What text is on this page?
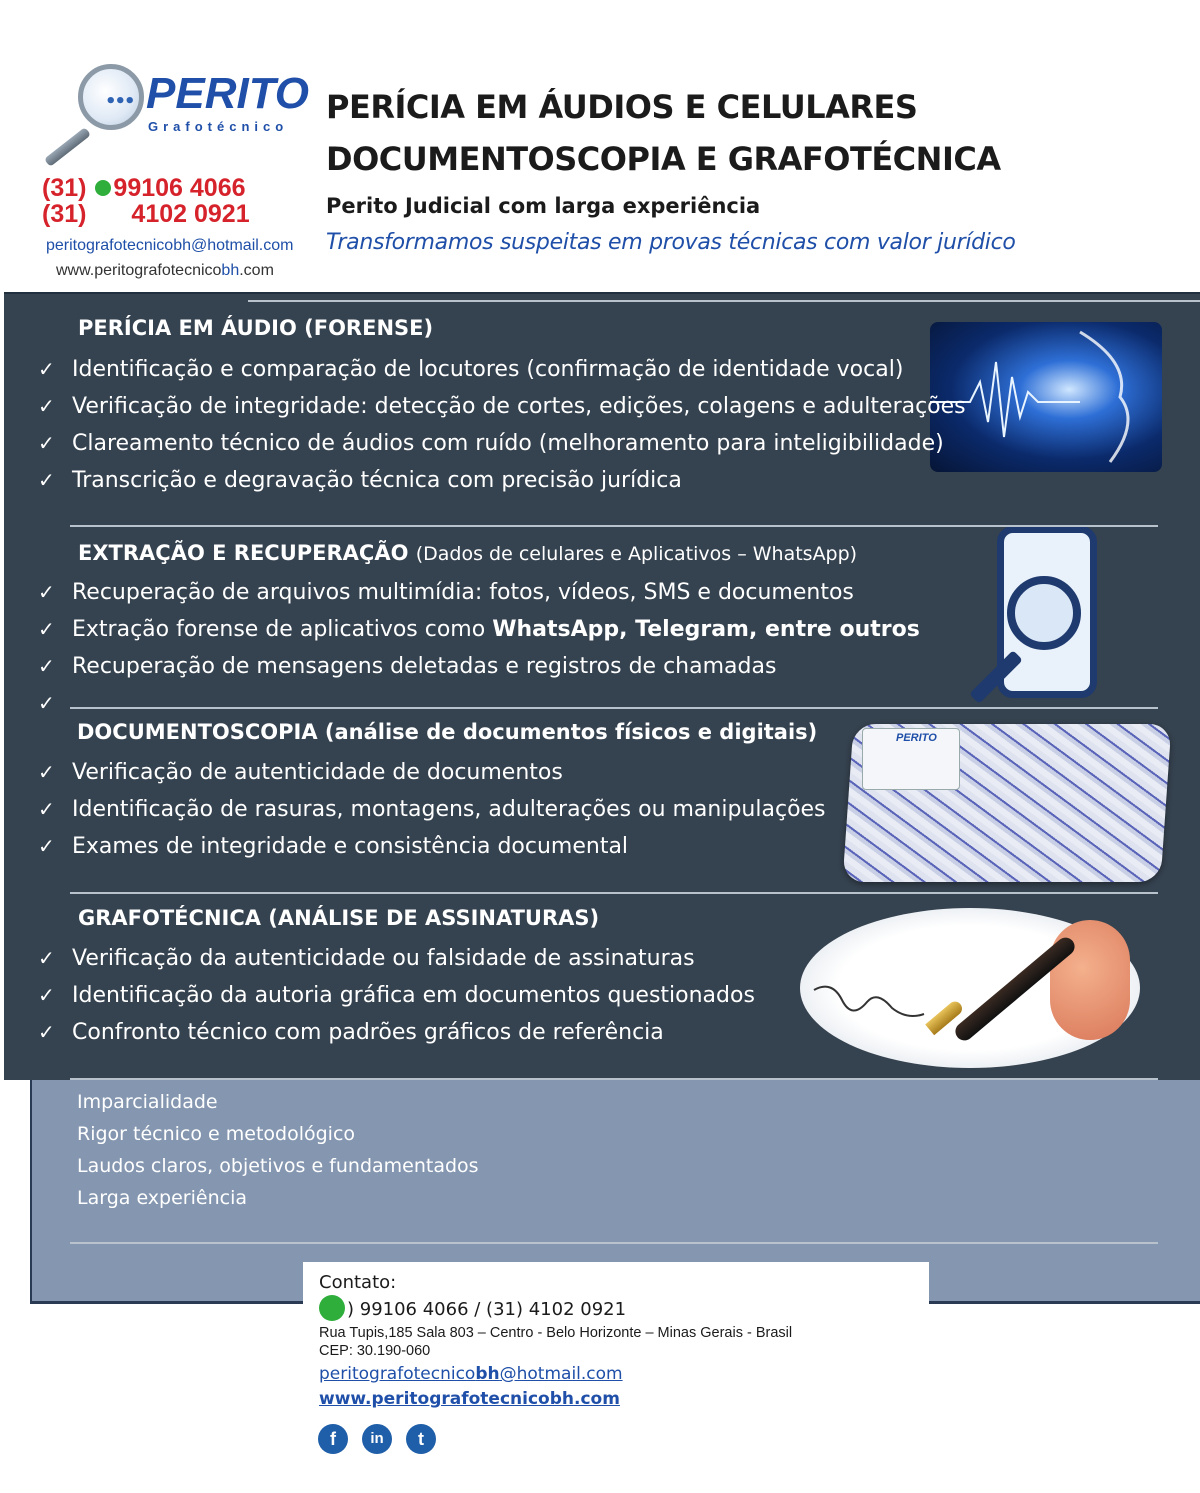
••• PERITO
Grafotécnico
(31) 99106 4066
(31) 4102 0921
peritografotecnicobh@hotmail.com
www.peritografotecnicobh.com
PERÍCIA EM ÁUDIOS E CELULARES
DOCUMENTOSCOPIA E GRAFOTÉCNICA
Perito Judicial com larga experiência
Transformamos suspeitas em provas técnicas com valor jurídico
PERITO
PERÍCIA EM ÁUDIO (FORENSE)
✓ Identificação e comparação de locutores (confirmação de identidade vocal)
✓ Verificação de integridade: detecção de cortes, edições, colagens e adulterações
✓ Clareamento técnico de áudios com ruído (melhoramento para inteligibilidade)
✓ Transcrição e degravação técnica com precisão jurídica
EXTRAÇÃO E RECUPERAÇÃO (Dados de celulares e Aplicativos – WhatsApp)
✓ Recuperação de arquivos multimídia: fotos, vídeos, SMS e documentos
✓ Extração forense de aplicativos como WhatsApp, Telegram, entre outros
✓ Recuperação de mensagens deletadas e registros de chamadas
✓
DOCUMENTOSCOPIA (análise de documentos físicos e digitais)
✓ Verificação de autenticidade de documentos
✓ Identificação de rasuras, montagens, adulterações ou manipulações
✓ Exames de integridade e consistência documental
GRAFOTÉCNICA (ANÁLISE DE ASSINATURAS)
✓ Verificação da autenticidade ou falsidade de assinaturas
✓ Identificação da autoria gráfica em documentos questionados
✓ Confronto técnico com padrões gráficos de referência
Imparcialidade
Rigor técnico e metodológico
Laudos claros, objetivos e fundamentados
Larga experiência
Contato:
) 99106 4066 / (31) 4102 0921
Rua Tupis,185 Sala 803 – Centro - Belo Horizonte – Minas Gerais - Brasil
CEP: 30.190-060
peritografotecnicobh@hotmail.com
www.peritografotecnicobh.com
f	in	t
